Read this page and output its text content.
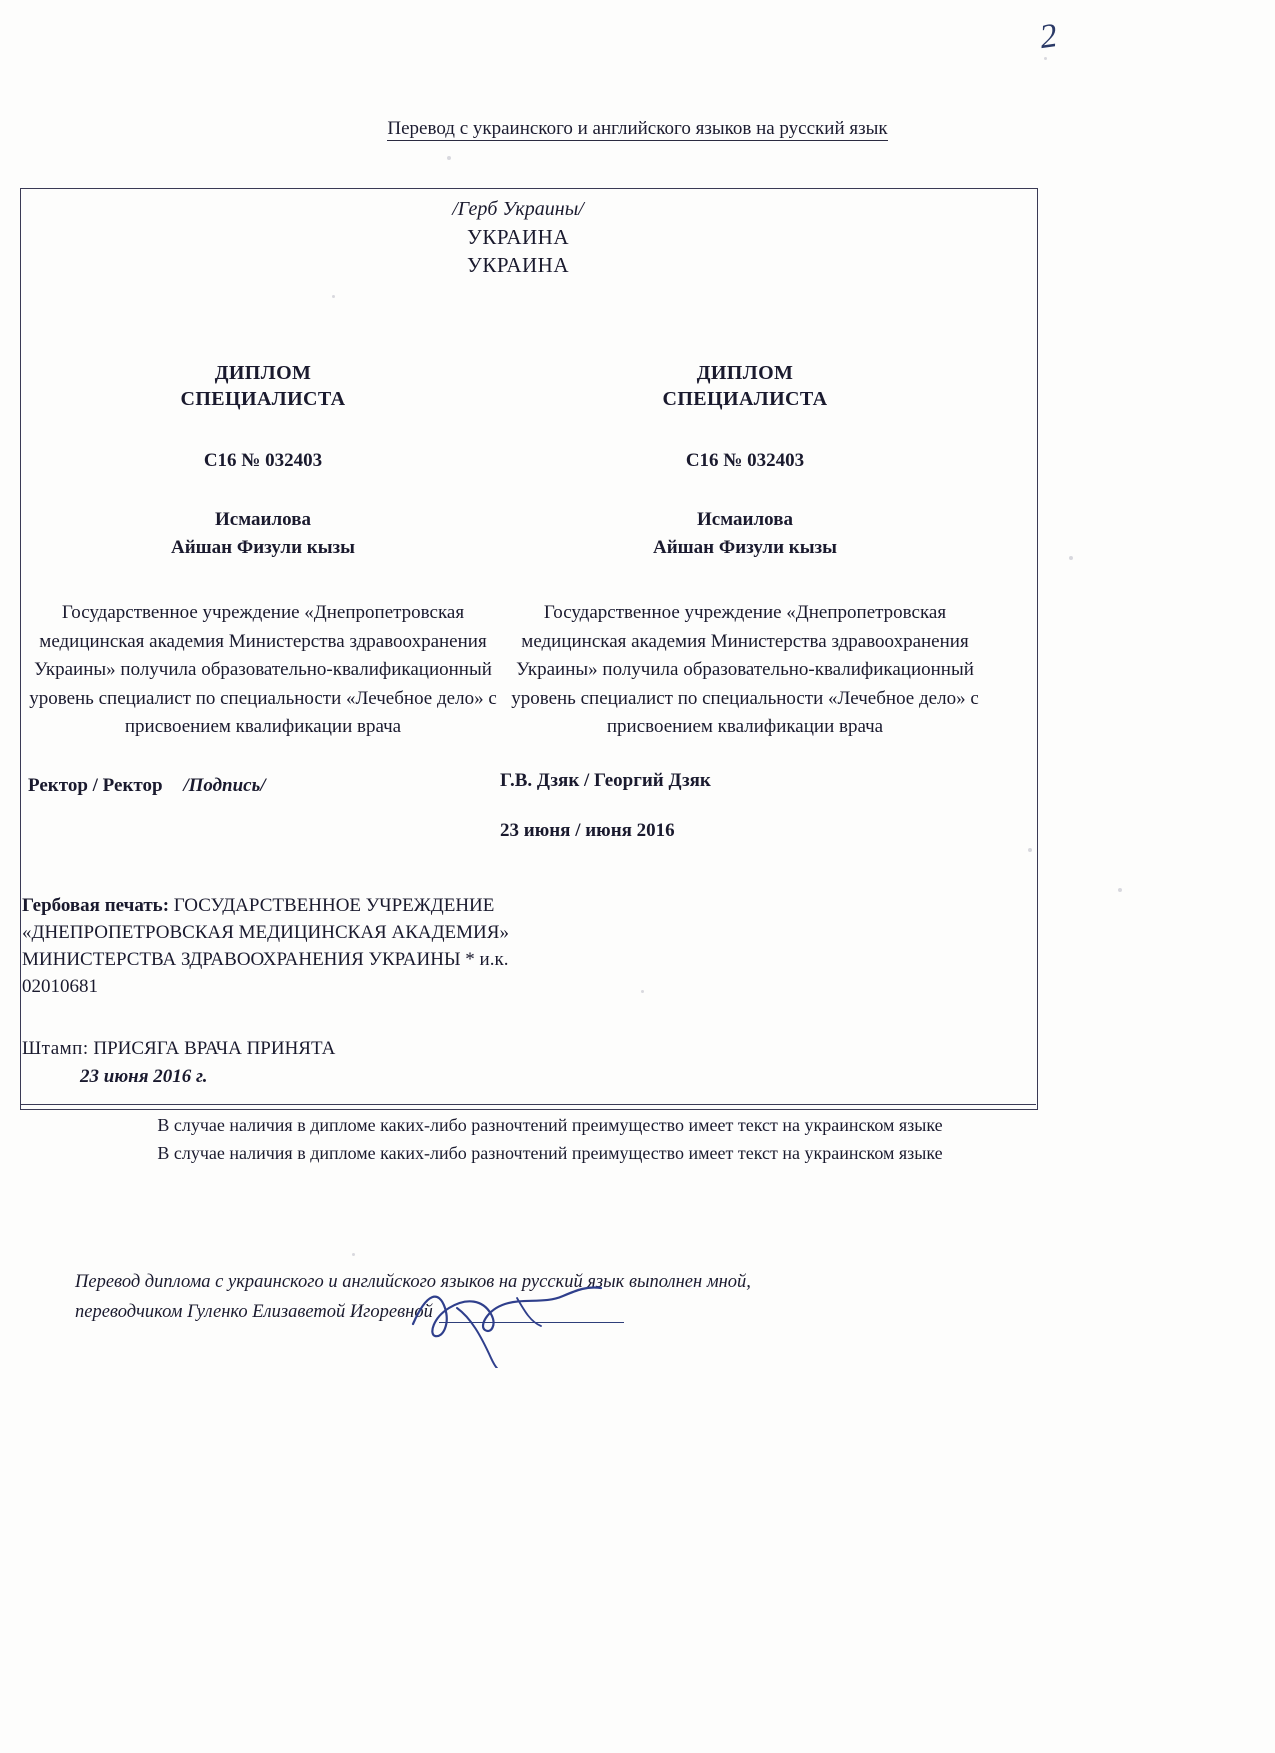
2
Перевод с украинского и английского языков на русский язык
/Герб Украины/
УКРАИНА
УКРАИНА
ДИПЛОМ
СПЕЦИАЛИСТА
С16 № 032403
Исмаилова
Айшан Физули кызы
Государственное учреждение «Днепропетровская медицинская академия Министерства здравоохранения Украины» получила образовательно-квалификационный уровень специалист по специальности «Лечебное дело» с присвоением квалификации врача
ДИПЛОМ
СПЕЦИАЛИСТА
С16 № 032403
Исмаилова
Айшан Физули кызы
Государственное учреждение «Днепропетровская медицинская академия Министерства здравоохранения Украины» получила образовательно-квалификационный уровень специалист по специальности «Лечебное дело» с присвоением квалификации врача
Ректор / Ректор /Подпись/	Г.В. Дзяк / Георгий Дзяк
23 июня / июня 2016
Гербовая печать: ГОСУДАРСТВЕННОЕ УЧРЕЖДЕНИЕ «ДНЕПРОПЕТРОВСКАЯ МЕДИЦИНСКАЯ АКАДЕМИЯ» МИНИСТЕРСТВА ЗДРАВООХРАНЕНИЯ УКРАИНЫ * и.к. 02010681
Штамп: ПРИСЯГА ВРАЧА ПРИНЯТА
23 июня 2016 г.
В случае наличия в дипломе каких-либо разночтений преимущество имеет текст на украинском языке
В случае наличия в дипломе каких-либо разночтений преимущество имеет текст на украинском языке
Перевод диплома с украинского и английского языков на русский язык выполнен мной,
переводчиком Гуленко Елизаветой Игоревной
